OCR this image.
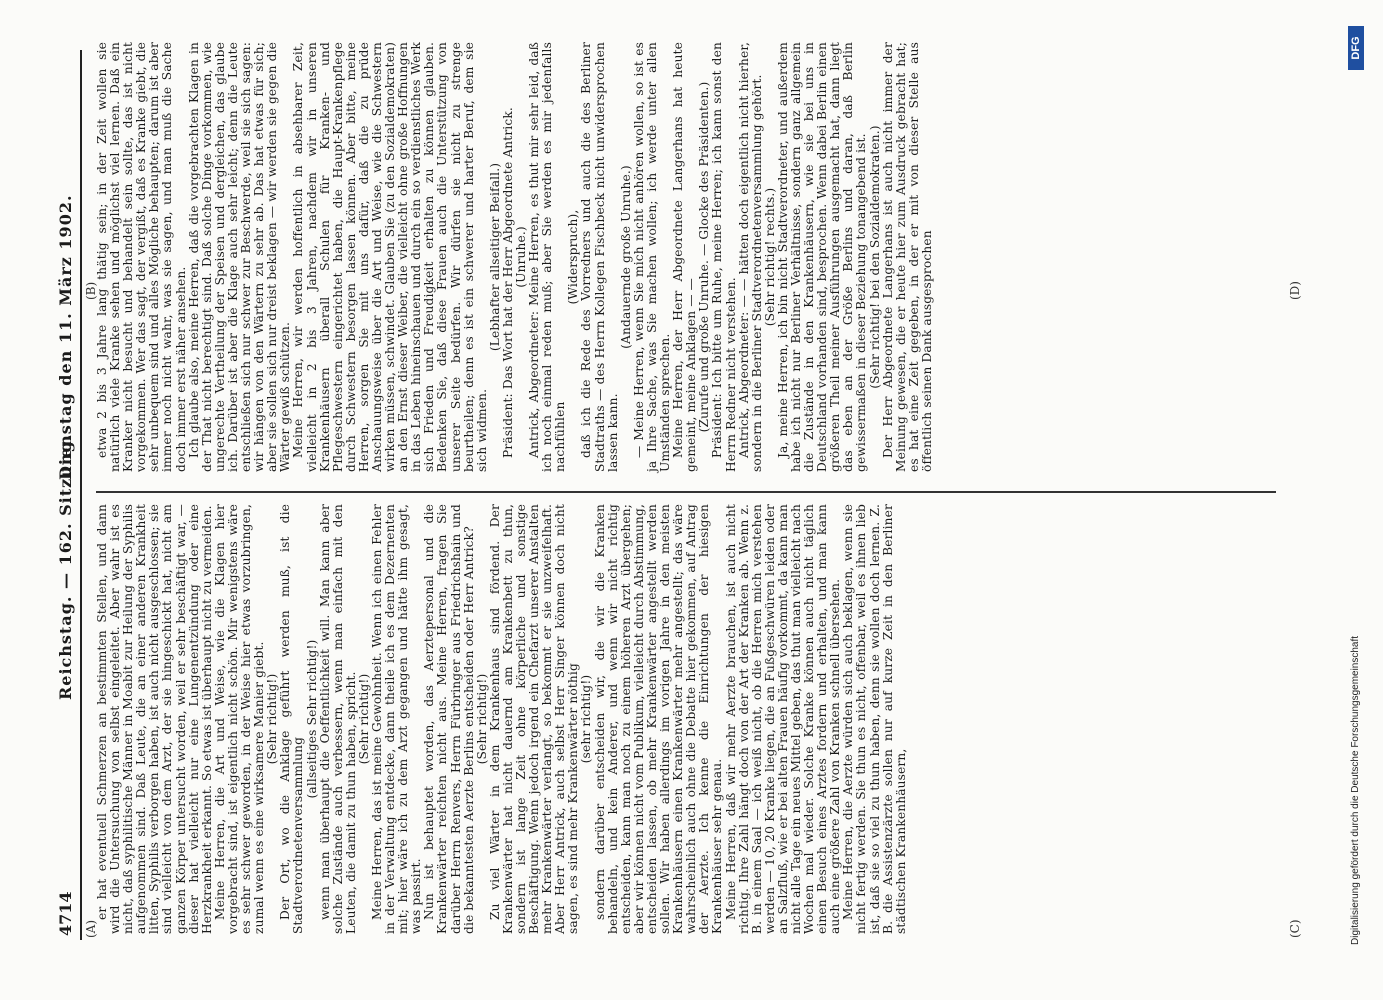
4714
Reichstag. — 162. Sitzung.
Dienstag den 11. März 1902.
(A)
(B)
(C)
(D)

er hat eventuell Schmerzen an bestimmten Stellen, und dann wird die Untersuchung von selbst eingeleitet. Aber wahr ist es nicht, daß syphilitische Männer in Moabit zur Heilung der Syphilis aufgenommen sind. Daß Leute, die an einer anderen Krankheit litten, Syphilis verborgen haben, ist auch nicht ausgeschlossen; sie sind vielleicht von dem Arzt, der sie hingeschickt hat, nicht am ganzen Körper untersucht worden, weil er sehr beschäftigt war, — dieser hat vielleicht nur eine Lungenentzündung oder eine Herzkrankheit erkannt. So etwas ist überhaupt nicht zu vermeiden. Meine Herren, die Art und Weise, wie die Klagen hier vorgebracht sind, ist eigentlich nicht schön. Mir wenigstens wäre es sehr schwer geworden, in der Weise hier etwas vorzubringen, zumal wenn es eine wirksamere Manier giebt. (Sehr richtig!) Der Ort, wo die Anklage geführt werden muß, ist die Stadtverordnetenversammlung

(allseitiges Sehr richtig!) wenn man überhaupt die Oeffentlichkeit will. Man kann aber solche Zustände auch verbessern, wenn man einfach mit den Leuten, die damit zu thun haben, spricht. (Sehr richtig!) Meine Herren, das ist meine Gewohnheit. Wenn ich einen Fehler in der Verwaltung entdecke, dann theile ich es dem Dezernenten mit; hier wäre ich zu dem Arzt gegangen und hätte ihm gesagt, was passirt. Nun ist behauptet worden, das Aerztepersonal und die Krankenwärter reichten nicht aus. Meine Herren, fragen Sie darüber Herrn Renvers, Herrn Fürbringer aus Friedrichshain und die bekanntesten Aerzte Berlins entscheiden oder Herr Antrick? (Sehr richtig!) Zu viel Wärter in dem Krankenhaus sind fördend. Der Krankenwärter hat nicht dauernd am Krankenbett zu thun, sondern ist lange Zeit ohne körperliche und sonstige Beschäftigung. Wenn jedoch irgend ein Chefarzt unserer Anstalten mehr Krankenwärter verlangt, so bekommt er sie unzweifelhaft. Aber Herr Antrick, auch selbst Herr Singer können doch nicht sagen, es sind mehr Krankenwärter nöthig (sehr richtig!) sondern darüber entscheiden wir, die wir die Kranken behandeln, und kein Anderer, und wenn wir nicht richtig entscheiden, kann man noch zu einem höheren Arzt übergehen; aber wir können nicht vom Publikum, vielleicht durch Abstimmung, entscheiden lassen, ob mehr Krankenwärter angestellt werden sollen. Wir haben allerdings im vorigen Jahre in den meisten Krankenhäusern einen Krankenwärter mehr angestellt; das wäre wahrscheinlich auch ohne die Debatte hier gekommen, auf Antrag der Aerzte. Ich kenne die Einrichtungen der hiesigen Krankenhäuser sehr genau. Meine Herren, daß wir mehr Aerzte brauchen, ist auch nicht richtig. Ihre Zahl hängt doch von der Art der Kranken ab. Wenn z. B. in einem Saal — ich weiß nicht, ob die Herren mich verstehen werden — 10, 20 Kranke liegen, die an Fußgeschwüren leiden oder an Salzfluß, wie er bei alten Frauen häufig vorkommt, da kann man nicht alle Tage ein neues Mittel geben, das thut man vielleicht nach Wochen mal wieder. Solche Kranke können auch nicht täglich einen Besuch eines Arztes fordern und erhalten, und man kann auch eine größere Zahl von Kranken schnell übersehen. Meine Herren, die Aerzte würden sich auch beklagen, wenn sie nicht fertig werden. Sie thun es nicht, offenbar, weil es ihnen lieb ist, daß sie so viel zu thun haben, denn sie wollen doch lernen. Z. B. die Assistenzärzte sollen nur auf kurze Zeit in den Berliner städtischen Krankenhäusern,

etwa 2 bis 3 Jahre lang thätig sein; in der Zeit wollen sie natürlich viele Kranke sehen und möglichst viel lernen. Daß ein Kranker nicht besucht und behandelt sein sollte, das ist nicht vorgekommen. Wer das sagt, der vergißt, daß es Kranke giebt, die sehr unbequem sind und alles Mögliche behaupten; darum ist aber immer noch nicht wahr, was sie sagen, und man muß die Sache doch immer erst näher ansehen. Ich glaube also, meine Herren, daß die vorgebrachten Klagen in der That nicht berechtigt sind. Daß solche Dinge vorkommen, wie ungerechte Vertheilung der Speisen und dergleichen, das glaube ich. Darüber ist aber die Klage auch sehr leicht; denn die Leute entschließen sich nur schwer zur Beschwerde, weil sie sich sagen: wir hängen von den Wärtern zu sehr ab. Das hat etwas für sich; aber sie sollen sich nur dreist beklagen — wir werden sie gegen die Wärter gewiß schützen. Meine Herren, wir werden hoffentlich in absehbarer Zeit, vielleicht in 2 bis 3 Jahren, nachdem wir in unseren Krankenhäusern überall Schulen für Kranken- und Pflegeschwestern eingerichtet haben, die Haupt-Krankenpflege durch Schwestern besorgen lassen können. Aber bitte, meine Herren, sorgen Sie mit uns dafür, daß die zu prüde Anschauungsweise über die Art und Weise, wie die Schwestern wirken müssen, schwindet. Glauben Sie (zu den Sozialdemokraten) an den Ernst dieser Weiber, die vielleicht ohne große Hoffnungen in das Leben hineinschauen und durch ein so verdienstliches Werk sich Frieden und Freudigkeit erhalten zu können glauben. Bedenken Sie, daß diese Frauen auch die Unterstützung von unserer Seite bedürfen. Wir dürfen sie nicht zu strenge beurtheilen; denn es ist ein schwerer und harter Beruf, dem sie sich widmen.

(Lebhafter allseitiger Beifall.) Präsident: Das Wort hat der Herr Abgeordnete Antrick. (Unruhe.) Antrick, Abgeordneter: Meine Herren, es thut mir sehr leid, daß ich noch einmal reden muß; aber Sie werden es mir jedenfalls nachfühlen

(Widerspruch), daß ich die Rede des Vorredners und auch die des Berliner Stadtraths — des Herrn Kollegen Fischbeck nicht unwidersprochen lassen kann.

(Andauernde große Unruhe.) — Meine Herren, wenn Sie mich nicht anhören wollen, so ist es ja Ihre Sache, was Sie machen wollen; ich werde unter allen Umständen sprechen. Meine Herren, der Herr Abgeordnete Langerhans hat heute gemeint, meine Anklagen — — (Zurufe und große Unruhe. — Glocke des Präsidenten.) Präsident: Ich bitte um Ruhe, meine Herren; ich kann sonst den Herrn Redner nicht verstehen. Antrick, Abgeordneter: — — hätten doch eigentlich nicht hierher, sondern in die Berliner Stadtverordnetenversammlung gehört. (Sehr richtig! rechts.) Ja, meine Herren, ich bin nicht Stadtverordneter, und außerdem habe ich nicht nur Berliner Verhältnisse, sondern ganz allgemein die Zustände in den Krankenhäusern, wie sie bei uns in Deutschland vorhanden sind, besprochen. Wenn dabei Berlin einen größeren Theil meiner Ausführungen ausgemacht hat, dann liegt das eben an der Größe Berlins und daran, daß Berlin gewissermaßen in dieser Beziehung tonangebend ist. (Sehr richtig! bei den Sozialdemokraten.) Der Herr Abgeordnete Langerhans ist auch nicht immer der Meinung gewesen, die er heute hier zum Ausdruck gebracht hat; es hat eine Zeit gegeben, in der er mit von dieser Stelle aus öffentlich seinen Dank ausgesprochen

Digitalisierung gefördert durch die Deutsche Forschungsgemeinschaft
DFG
